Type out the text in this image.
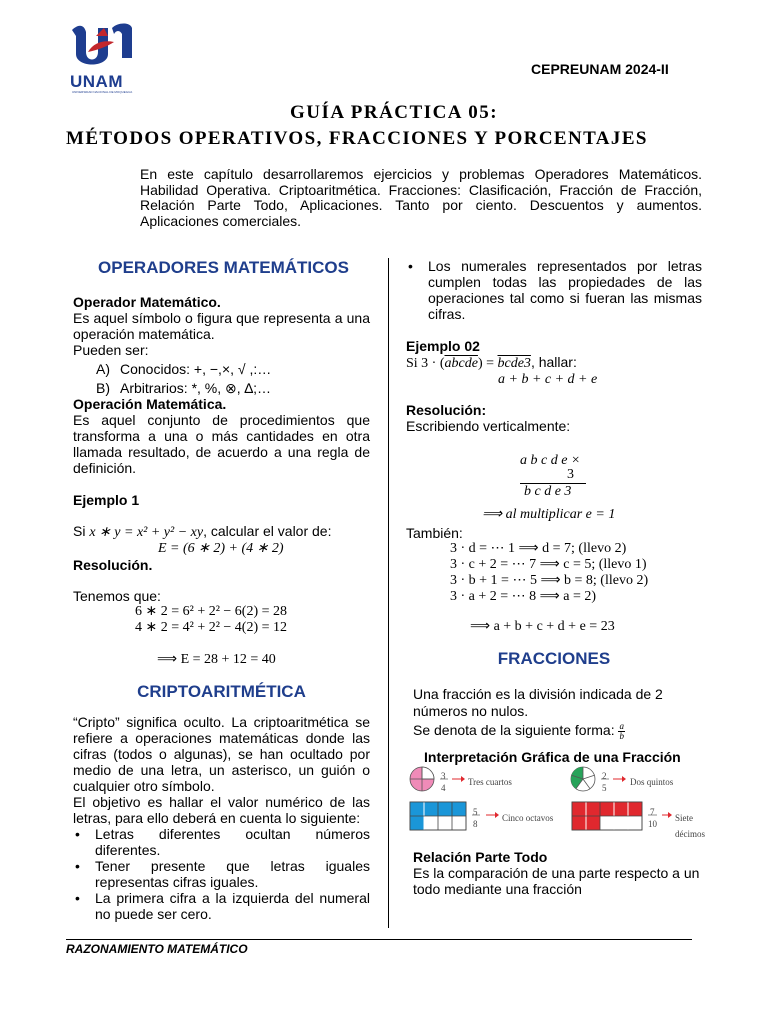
UNAM
UNIVERSIDAD NACIONAL DE MOQUEGUA
CEPREUNAM 2024-II
GUÍA PRÁCTICA 05:
MÉTODOS OPERATIVOS, FRACCIONES Y PORCENTAJES
En este capítulo desarrollaremos ejercicios y problemas Operadores Matemáticos. Habilidad Operativa. Criptoaritmética. Fracciones: Clasificación, Fracción de Fracción, Relación Parte Todo, Aplicaciones. Tanto por ciento. Descuentos y aumentos. Aplicaciones comerciales.
OPERADORES MATEMÁTICOS
Operador Matemático.
Es aquel símbolo o figura que representa a una operación matemática.
Pueden ser:
A) Conocidos: +, −,×, √ ,:…
B) Arbitrarios: *, %, ⊗, ∆;…
Operación Matemática.
Es aquel conjunto de procedimientos que transforma a una o más cantidades en otra llamada resultado, de acuerdo a una regla de definición.
Ejemplo 1
Si x ∗ y = x² + y² − xy, calcular el valor de:
E = (6 ∗ 2) + (4 ∗ 2)
Resolución.
Tenemos que:
6 ∗ 2 = 6² + 2² − 6(2) = 28
4 ∗ 2 = 4² + 2² − 4(2) = 12
⟹ E = 28 + 12 = 40
CRIPTOARITMÉTICA
“Cripto” significa oculto. La criptoaritmética se refiere a operaciones matemáticas donde las cifras (todos o algunas), se han ocultado por medio de una letra, un asterisco, un guión o cualquier otro símbolo.
El objetivo es hallar el valor numérico de las letras, para ello deberá en cuenta lo siguiente:
• Letras diferentes ocultan números diferentes.
• Tener presente que letras iguales representas cifras iguales.
• La primera cifra a la izquierda del numeral no puede ser cero.
• Los numerales representados por letras cumplen todas las propiedades de las operaciones tal como si fueran las mismas cifras.
Ejemplo 02
Si 3 · (abcde) = bcde3, hallar:
a + b + c + d + e
Resolución:
Escribiendo verticalmente:
a b c d e ×
3
b c d e 3
⟹ al multiplicar e = 1
También:
3 · d = ⋯ 1 ⟹ d = 7; (llevo 2)
3 · c + 2 = ⋯ 7 ⟹ c = 5; (llevo 1)
3 · b + 1 = ⋯ 5 ⟹ b = 8; (llevo 2)
3 · a + 2 = ⋯ 8 ⟹ a = 2)
⟹ a + b + c + d + e = 23
FRACCIONES
Una fracción es la división indicada de 2 números no nulos.
Se denota de la siguiente forma: $\frac{a}{b}$
Interpretación Gráfica de una Fracción
3
4
Tres cuartos
2
5
Dos quintos
5
8
Cinco octavos
7
10
Siete décimos
Relación Parte Todo
Es la comparación de una parte respecto a un todo mediante una fracción
RAZONAMIENTO MATEMÁTICO
